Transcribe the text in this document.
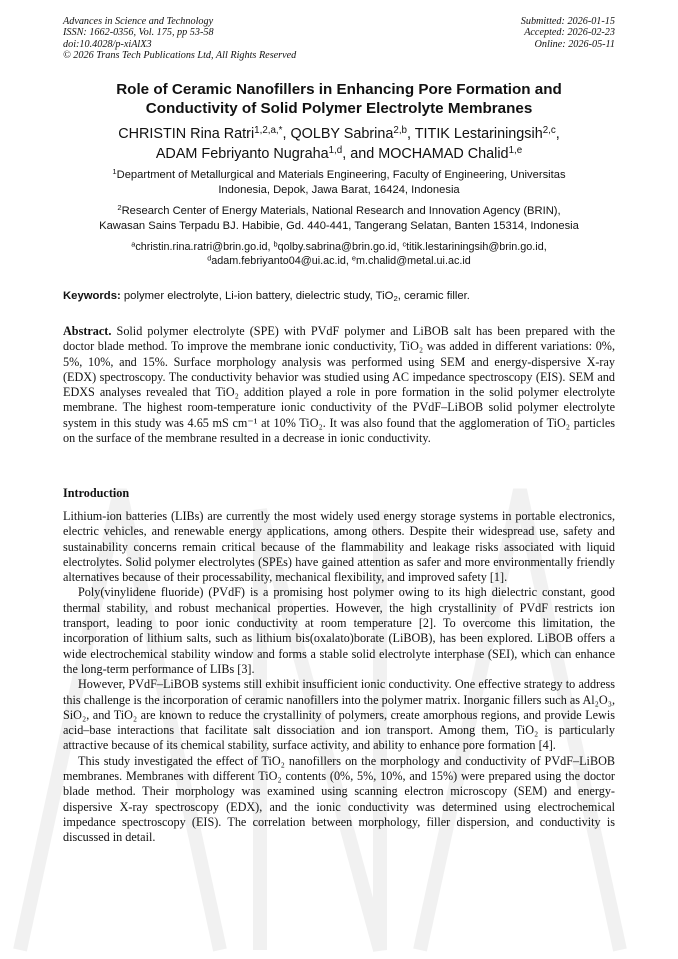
Advances in Science and Technology
ISSN: 1662-0356, Vol. 175, pp 53-58
doi:10.4028/p-xiAlX3
© 2026 Trans Tech Publications Ltd, All Rights Reserved
Submitted: 2026-01-15
Accepted: 2026-02-23
Online: 2026-05-11
Role of Ceramic Nanofillers in Enhancing Pore Formation and
Conductivity of Solid Polymer Electrolyte Membranes
CHRISTIN Rina Ratri$^{1,2,a,*}$, QOLBY Sabrina$^{2,b}$, TITIK Lestariningsih$^{2,c}$,
ADAM Febriyanto Nugraha$^{1,d}$, and MOCHAMAD Chalid$^{1,e}$
$^1$Department of Metallurgical and Materials Engineering, Faculty of Engineering, Universitas
Indonesia, Depok, Jawa Barat, 16424, Indonesia
$^2$Research Center of Energy Materials, National Research and Innovation Agency (BRIN),
Kawasan Sains Terpadu BJ. Habibie, Gd. 440-441, Tangerang Selatan, Banten 15314, Indonesia
$^a$christin.rina.ratri@brin.go.id, $^b$qolby.sabrina@brin.go.id, $^c$titik.lestariningsih@brin.go.id,
$^d$adam.febriyanto04@ui.ac.id, $^e$m.chalid@metal.ui.ac.id
Keywords: polymer electrolyte, Li-ion battery, dielectric study, TiO$_2$, ceramic filler.
Abstract. Solid polymer electrolyte (SPE) with PVdF polymer and LiBOB salt has been prepared with the doctor blade method. To improve the membrane ionic conductivity, TiO₂ was added in different variations: 0%, 5%, 10%, and 15%. Surface morphology analysis was performed using SEM and energy-dispersive X-ray (EDX) spectroscopy. The conductivity behavior was studied using AC impedance spectroscopy (EIS). SEM and EDXS analyses revealed that TiO₂ addition played a role in pore formation in the solid polymer electrolyte membrane. The highest room-temperature ionic conductivity of the PVdF–LiBOB solid polymer electrolyte system in this study was 4.65 mS cm⁻¹ at 10% TiO₂. It was also found that the agglomeration of TiO₂ particles on the surface of the membrane resulted in a decrease in ionic conductivity.
Introduction

Lithium-ion batteries (LIBs) are currently the most widely used energy storage systems in portable electronics, electric vehicles, and renewable energy applications, among others. Despite their widespread use, safety and sustainability concerns remain critical because of the flammability and leakage risks associated with liquid electrolytes. Solid polymer electrolytes (SPEs) have gained attention as safer and more environmentally friendly alternatives because of their processability, mechanical flexibility, and improved safety [1].

Poly(vinylidene fluoride) (PVdF) is a promising host polymer owing to its high dielectric constant, good thermal stability, and robust mechanical properties. However, the high crystallinity of PVdF restricts ion transport, leading to poor ionic conductivity at room temperature [2]. To overcome this limitation, the incorporation of lithium salts, such as lithium bis(oxalato)borate (LiBOB), has been explored. LiBOB offers a wide electrochemical stability window and forms a stable solid electrolyte interphase (SEI), which can enhance the long-term performance of LIBs [3].

However, PVdF–LiBOB systems still exhibit insufficient ionic conductivity. One effective strategy to address this challenge is the incorporation of ceramic nanofillers into the polymer matrix. Inorganic fillers such as Al₂O₃, SiO₂, and TiO₂ are known to reduce the crystallinity of polymers, create amorphous regions, and provide Lewis acid–base interactions that facilitate salt dissociation and ion transport. Among them, TiO₂ is particularly attractive because of its chemical stability, surface activity, and ability to enhance pore formation [4].

This study investigated the effect of TiO₂ nanofillers on the morphology and conductivity of PVdF–LiBOB membranes. Membranes with different TiO₂ contents (0%, 5%, 10%, and 15%) were prepared using the doctor blade method. Their morphology was examined using scanning electron microscopy (SEM) and energy-dispersive X-ray spectroscopy (EDX), and the ionic conductivity was determined using electrochemical impedance spectroscopy (EIS). The correlation between morphology, filler dispersion, and conductivity is discussed in detail.
